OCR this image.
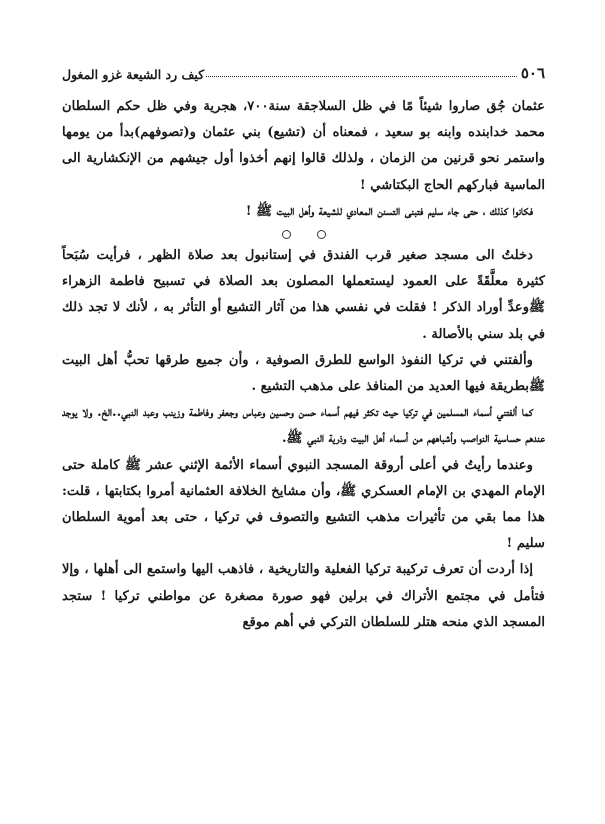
٥٠٦
كيف رد الشيعة غزو المغول

عثمان جُق صاروا شيئاً مًا في ظل السلاجقة سنة٧٠٠، هجرية وفي ظل حكم السلطان محمد خدابنده وابنه بو سعيد ، فمعناه أن (تشيع) بني عثمان و(تصوفهم)بدأ من يومها واستمر نحو قرنين من الزمان ، ولذلك قالوا إنهم أخذوا أول جيشهم من الإنكشارية الى الماسية فباركهم الحاج البكتاشي !

فكانوا كذلك ، حتى جاء سليم فتبنى التسنن المعادي للشيعة وأهل البيت ﷺ !

دخلتُ الى مسجد صغير قرب الفندق في إستانبول بعد صلاة الظهر ، فرأيت سُبَحاً كثيرة معلَّقَةً على العمود ليستعملها المصلون بعد الصلاة في تسبيح فاطمة الزهراء ﷺوعدِّ أوراد الذكر ! فقلت في نفسي هذا من آثار التشيع أو التأثر به ، لأنك لا تجد ذلك في بلد سني بالأصالة .

وألفتني في تركيا النفوذ الواسع للطرق الصوفية ، وأن جميع طرقها تحبُّ أهل البيت ﷺبطريقة فيها العديد من المنافذ على مذهب التشيع .

كما ألفتني أسماء المسلمين في تركيا حيث تكثر فيهم أسماء حسن وحسين وعباس وجعفر وفاطمة وزينب وعبد النبي..الخ. ولا يوجد عندهم حساسية النواصب وأشباههم من أسماء أهل البيت وذرية النبي ﷺ.

وعندما رأيتُ في أعلى أروقة المسجد النبوي أسماء الأئمة الإثني عشر ﷺ كاملة حتى الإمام المهدي بن الإمام العسكري ﷺ، وأن مشايخ الخلافة العثمانية أمروا بكتابتها ، قلت: هذا مما بقي من تأثيرات مذهب التشيع والتصوف في تركيا ، حتى بعد أموية السلطان سليم !

إذا أردت أن تعرف تركيبة تركيا الفعلية والتاريخية ، فاذهب اليها واستمع الى أهلها ، وإلا فتأمل في مجتمع الأتراك في برلين فهو صورة مصغرة عن مواطني تركيا ! ستجد المسجد الذي منحه هتلر للسلطان التركي في أهم موقع
